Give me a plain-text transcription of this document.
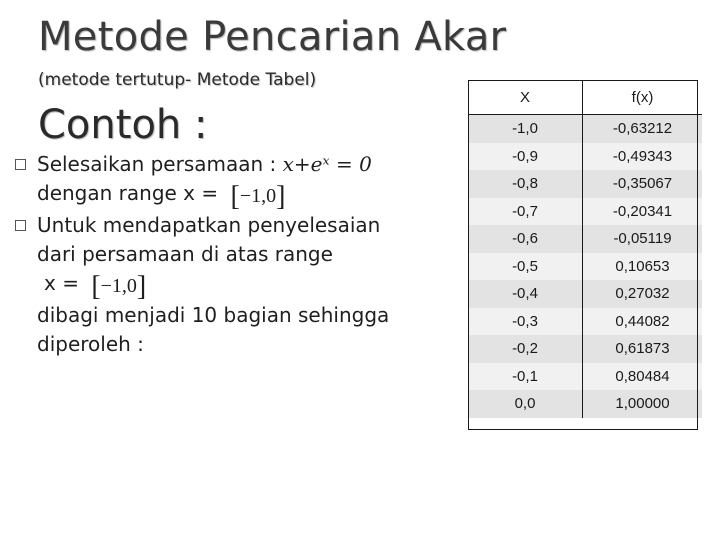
Metode Pencarian Akar
(metode tertutup- Metode Tabel)
Contoh :
Selesaikan persamaan : x+eˣ = 0
dengan range x = [−1,0]
Untuk mendapatkan penyelesaian
dari persamaan di atas range
x = [−1,0]
dibagi menjadi 10 bagian sehingga
diperoleh :
X	f(x)
-1,0	-0,63212
-0,9	-0,49343
-0,8	-0,35067
-0,7	-0,20341
-0,6	-0,05119
-0,5	0,10653
-0,4	0,27032
-0,3	0,44082
-0,2	0,61873
-0,1	0,80484
0,0	1,00000
